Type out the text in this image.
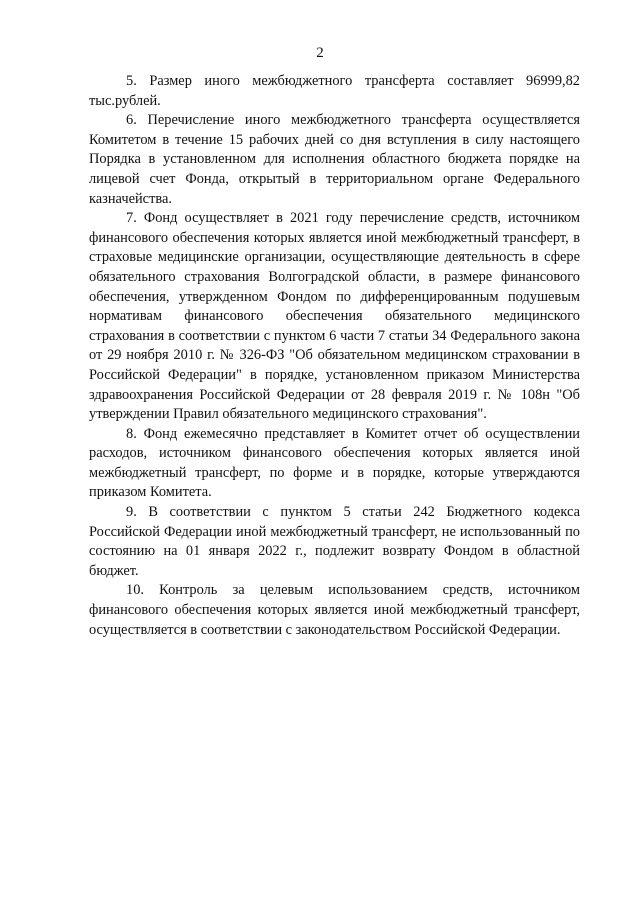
2

5. Размер иного межбюджетного трансферта составляет 96999,82 тыс.рублей.

6. Перечисление иного межбюджетного трансферта осуществляется Комитетом в течение 15 рабочих дней со дня вступления в силу настоящего Порядка в установленном для исполнения областного бюджета порядке на лицевой счет Фонда, открытый в территориальном органе Федерального казначейства.

7. Фонд осуществляет в 2021 году перечисление средств, источником финансового обеспечения которых является иной межбюджетный трансферт, в страховые медицинские организации, осуществляющие деятельность в сфере обязательного страхования Волгоградской области, в размере финансового обеспечения, утвержденном Фондом по дифференцированным подушевым нормативам финансового обеспечения обязательного медицинского страхования в соответствии с пунктом 6 части 7 статьи 34 Федерального закона от 29 ноября 2010 г. № 326-ФЗ "Об обязательном медицинском страховании в Российской Федерации" в порядке, установленном приказом Министерства здравоохранения Российской Федерации от 28 февраля 2019 г. № 108н "Об утверждении Правил обязательного медицинского страхования".

8. Фонд ежемесячно представляет в Комитет отчет об осуществлении расходов, источником финансового обеспечения которых является иной межбюджетный трансферт, по форме и в порядке, которые утверждаются приказом Комитета.

9. В соответствии с пунктом 5 статьи 242 Бюджетного кодекса Российской Федерации иной межбюджетный трансферт, не использованный по состоянию на 01 января 2022 г., подлежит возврату Фондом в областной бюджет.

10. Контроль за целевым использованием средств, источником финансового обеспечения которых является иной межбюджетный трансферт, осуществляется в соответствии с законодательством Российской Федерации.
